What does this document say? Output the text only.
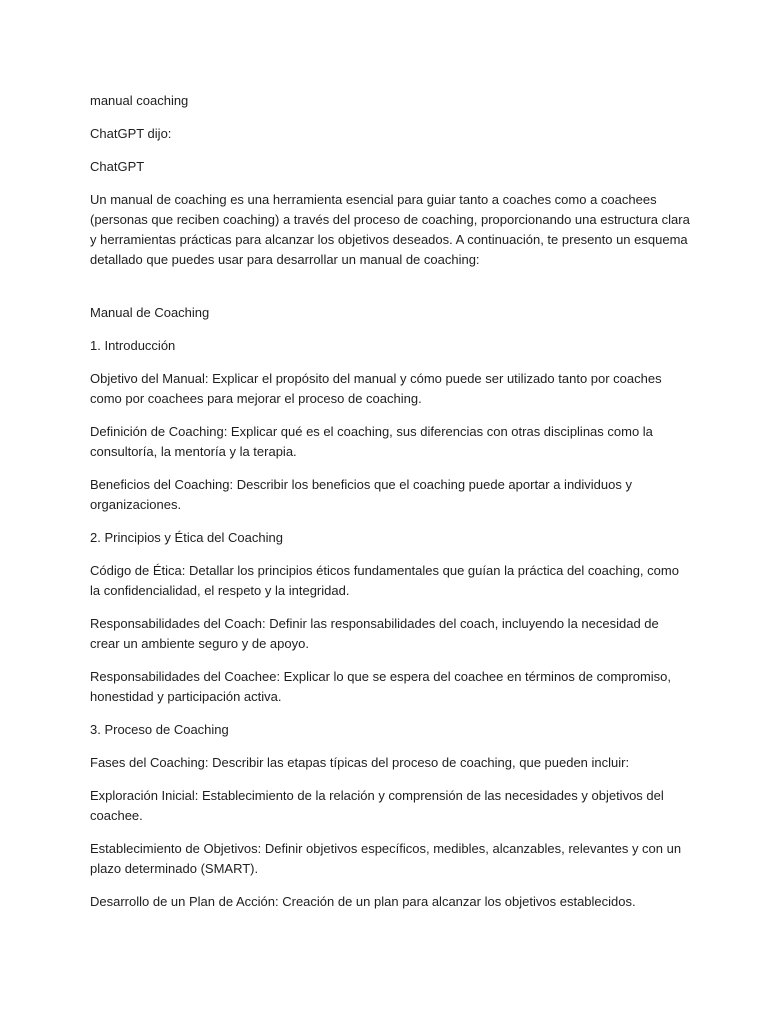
manual coaching

ChatGPT dijo:

ChatGPT

Un manual de coaching es una herramienta esencial para guiar tanto a coaches como a coachees (personas que reciben coaching) a través del proceso de coaching, proporcionando una estructura clara y herramientas prácticas para alcanzar los objetivos deseados. A continuación, te presento un esquema detallado que puedes usar para desarrollar un manual de coaching:

Manual de Coaching

1. Introducción

Objetivo del Manual: Explicar el propósito del manual y cómo puede ser utilizado tanto por coaches como por coachees para mejorar el proceso de coaching.

Definición de Coaching: Explicar qué es el coaching, sus diferencias con otras disciplinas como la consultoría, la mentoría y la terapia.

Beneficios del Coaching: Describir los beneficios que el coaching puede aportar a individuos y organizaciones.

2. Principios y Ética del Coaching

Código de Ética: Detallar los principios éticos fundamentales que guían la práctica del coaching, como la confidencialidad, el respeto y la integridad.

Responsabilidades del Coach: Definir las responsabilidades del coach, incluyendo la necesidad de crear un ambiente seguro y de apoyo.

Responsabilidades del Coachee: Explicar lo que se espera del coachee en términos de compromiso, honestidad y participación activa.

3. Proceso de Coaching

Fases del Coaching: Describir las etapas típicas del proceso de coaching, que pueden incluir:

Exploración Inicial: Establecimiento de la relación y comprensión de las necesidades y objetivos del coachee.

Establecimiento de Objetivos: Definir objetivos específicos, medibles, alcanzables, relevantes y con un plazo determinado (SMART).

Desarrollo de un Plan de Acción: Creación de un plan para alcanzar los objetivos establecidos.
